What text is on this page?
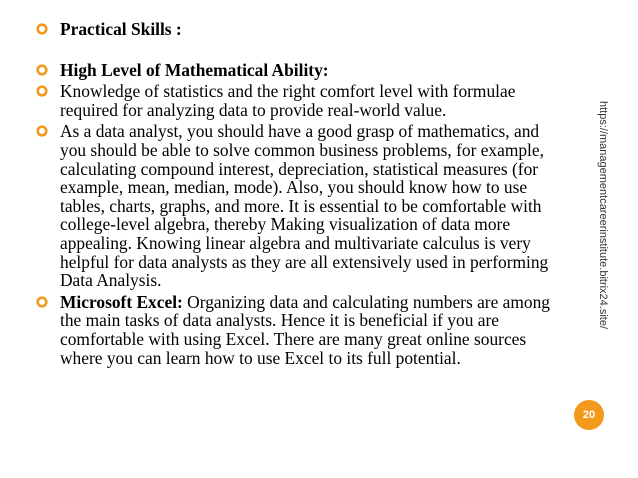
Practical Skills :
High Level of Mathematical Ability:
Knowledge of statistics and the right comfort level with formulae required for analyzing data to provide real-world value.
As a data analyst, you should have a good grasp of mathematics, and you should be able to solve common business problems, for example, calculating compound interest, depreciation, statistical measures (for example, mean, median, mode). Also, you should know how to use tables, charts, graphs, and more. It is essential to be comfortable with college-level algebra, thereby Making visualization of data more appealing. Knowing linear algebra and multivariate calculus is very helpful for data analysts as they are all extensively used in performing Data Analysis.
Microsoft Excel: Organizing data and calculating numbers are among the main tasks of data analysts. Hence it is beneficial if you are comfortable with using Excel. There are many great online sources where you can learn how to use Excel to its full potential.
https://managementcareerinstitute.bitrix24.site/
20
